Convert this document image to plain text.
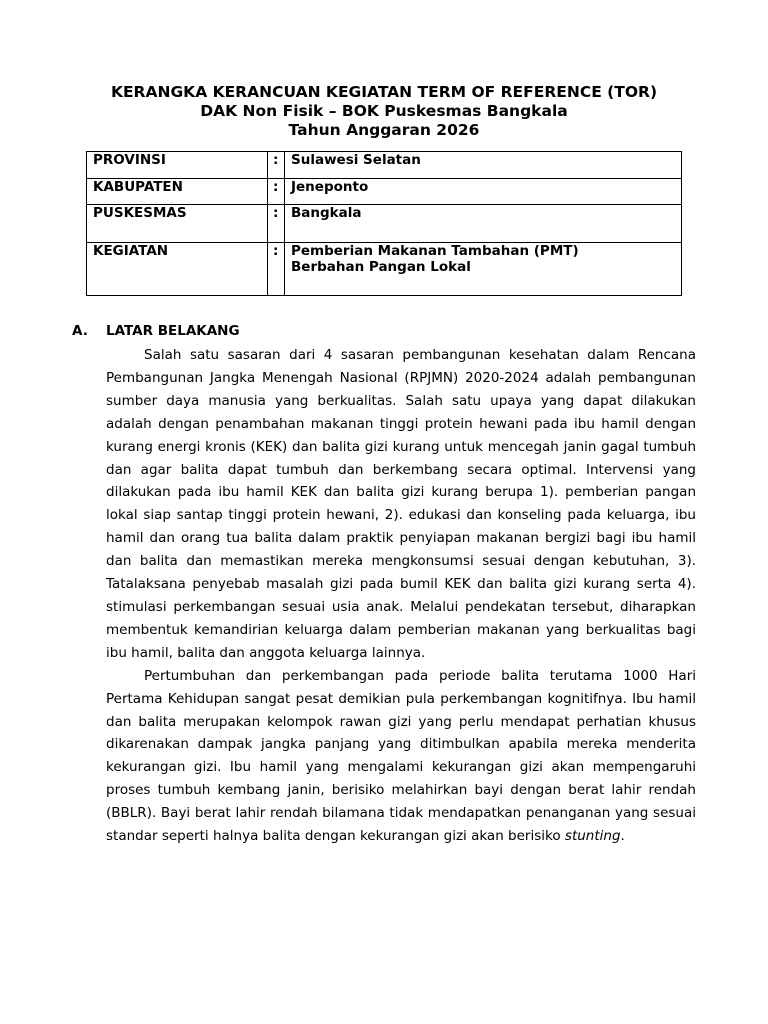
KERANGKA KERANCUAN KEGIATAN TERM OF REFERENCE (TOR)
DAK Non Fisik – BOK Puskesmas Bangkala
Tahun Anggaran 2026
PROVINSI	:	Sulawesi Selatan
KABUPATEN	:	Jeneponto
PUSKESMAS	:	Bangkala
KEGIATAN	:	Pemberian Makanan Tambahan (PMT)
Berbahan Pangan Lokal
A. LATAR BELAKANG

Salah satu sasaran dari 4 sasaran pembangunan kesehatan dalam Rencana Pembangunan Jangka Menengah Nasional (RPJMN) 2020-2024 adalah pembangunan sumber daya manusia yang berkualitas. Salah satu upaya yang dapat dilakukan adalah dengan penambahan makanan tinggi protein hewani pada ibu hamil dengan kurang energi kronis (KEK) dan balita gizi kurang untuk mencegah janin gagal tumbuh dan agar balita dapat tumbuh dan berkembang secara optimal. Intervensi yang dilakukan pada ibu hamil KEK dan balita gizi kurang berupa 1). pemberian pangan lokal siap santap tinggi protein hewani, 2). edukasi dan konseling pada keluarga, ibu hamil dan orang tua balita dalam praktik penyiapan makanan bergizi bagi ibu hamil dan balita dan memastikan mereka mengkonsumsi sesuai dengan kebutuhan, 3). Tatalaksana penyebab masalah gizi pada bumil KEK dan balita gizi kurang serta 4). stimulasi perkembangan sesuai usia anak. Melalui pendekatan tersebut, diharapkan membentuk kemandirian keluarga dalam pemberian makanan yang berkualitas bagi ibu hamil, balita dan anggota keluarga lainnya.

Pertumbuhan dan perkembangan pada periode balita terutama 1000 Hari Pertama Kehidupan sangat pesat demikian pula perkembangan kognitifnya. Ibu hamil dan balita merupakan kelompok rawan gizi yang perlu mendapat perhatian khusus dikarenakan dampak jangka panjang yang ditimbulkan apabila mereka menderita kekurangan gizi. Ibu hamil yang mengalami kekurangan gizi akan mempengaruhi proses tumbuh kembang janin, berisiko melahirkan bayi dengan berat lahir rendah (BBLR). Bayi berat lahir rendah bilamana tidak mendapatkan penanganan yang sesuai standar seperti halnya balita dengan kekurangan gizi akan berisiko stunting.
